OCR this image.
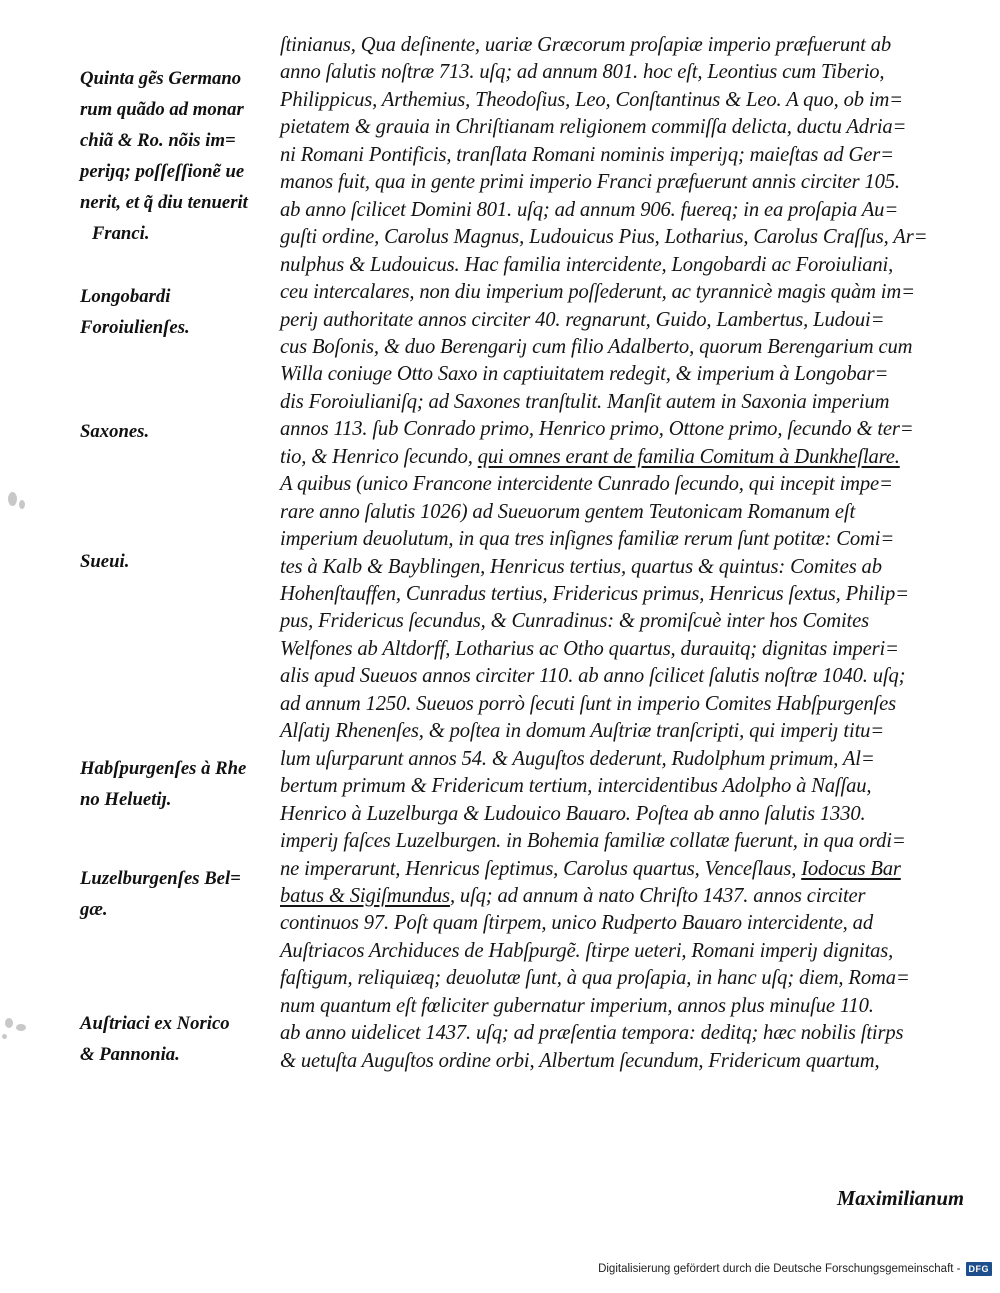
Quinta gẽs Germano
rum quãdo ad monar
chiã & Ro. nõis im=
periȷq; poſſeſſionẽ ue
nerit, et q̃ diu tenuerit
Franci.
Longobardi
Foroiulienſes.
Saxones.
Sueui.
Habſpurgenſes à Rhe
no Heluetiȷ.
Luzelburgenſes Bel=
gæ.
Auſtriaci ex Norico
& Pannonia.
ſtinianus, Qua deſinente, uariæ Græcorum proſapiæ imperio præfuerunt ab
anno ſalutis noſtræ 713. uſq; ad annum 801. hoc eſt, Leontius cum Tiberio,
Philippicus, Arthemius, Theodoſius, Leo, Conſtantinus & Leo. A quo, ob im=
pietatem & grauia in Chriſtianam religionem commiſſa delicta, ductu Adria=
ni Romani Pontificis, tranſlata Romani nominis imperiȷq; maieſtas ad Ger=
manos fuit, qua in gente primi imperio Franci præfuerunt annis circiter 105.
ab anno ſcilicet Domini 801. uſq; ad annum 906. fuereq; in ea proſapia Au=
guſti ordine, Carolus Magnus, Ludouicus Pius, Lotharius, Carolus Craſſus, Ar=
nulphus & Ludouicus. Hac familia intercidente, Longobardi ac Foroiuliani,
ceu intercalares, non diu imperium poſſederunt, ac tyrannicè magis quàm im=
periȷ authoritate annos circiter 40. regnarunt, Guido, Lambertus, Ludoui=
cus Boſonis, & duo Berengariȷ cum filio Adalberto, quorum Berengarium cum
Willa coniuge Otto Saxo in captiuitatem redegit, & imperium à Longobar=
dis Foroiulianiſq; ad Saxones tranſtulit. Manſit autem in Saxonia imperium
annos 113. ſub Conrado primo, Henrico primo, Ottone primo, ſecundo & ter=
tio, & Henrico ſecundo, qui omnes erant de familia Comitum à Dunkheſlare.
A quibus (unico Francone intercidente Cunrado ſecundo, qui incepit impe=
rare anno ſalutis 1026) ad Sueuorum gentem Teutonicam Romanum eſt
imperium deuolutum, in qua tres inſignes familiæ rerum ſunt potitæ: Comi=
tes à Kalb & Bayblingen, Henricus tertius, quartus & quintus: Comites ab
Hohenſtauffen, Cunradus tertius, Fridericus primus, Henricus ſextus, Philip=
pus, Fridericus ſecundus, & Cunradinus: & promiſcuè inter hos Comites
Welfones ab Altdorff, Lotharius ac Otho quartus, durauitq; dignitas imperi=
alis apud Sueuos annos circiter 110. ab anno ſcilicet ſalutis noſtræ 1040. uſq;
ad annum 1250. Sueuos porrò ſecuti ſunt in imperio Comites Habſpurgenſes
Alſatiȷ Rhenenſes, & poſtea in domum Auſtriæ tranſcripti, qui imperiȷ titu=
lum uſurparunt annos 54. & Auguſtos dederunt, Rudolphum primum, Al=
bertum primum & Fridericum tertium, intercidentibus Adolpho à Naſſau,
Henrico à Luzelburga & Ludouico Bauaro. Poſtea ab anno ſalutis 1330.
imperiȷ faſces Luzelburgen. in Bohemia familiæ collatæ fuerunt, in qua ordi=
ne imperarunt, Henricus ſeptimus, Carolus quartus, Venceſlaus, Iodocus Bar
batus & Sigiſmundus, uſq; ad annum à nato Chriſto 1437. annos circiter
continuos 97. Poſt quam ſtirpem, unico Rudperto Bauaro intercidente, ad
Auſtriacos Archiduces de Habſpurgẽ. ſtirpe ueteri, Romani imperiȷ dignitas,
faſtigum, reliquiæq; deuolutæ ſunt, à qua proſapia, in hanc uſq; diem, Roma=
num quantum eſt fœliciter gubernatur imperium, annos plus minuſue 110.
ab anno uidelicet 1437. uſq; ad præſentia tempora: deditq; hæc nobilis ſtirps
& uetuſta Auguſtos ordine orbi, Albertum ſecundum, Fridericum quartum,
Maximilianum
Digitalisierung gefördert durch die Deutsche Forschungsgemeinschaft - DFG
